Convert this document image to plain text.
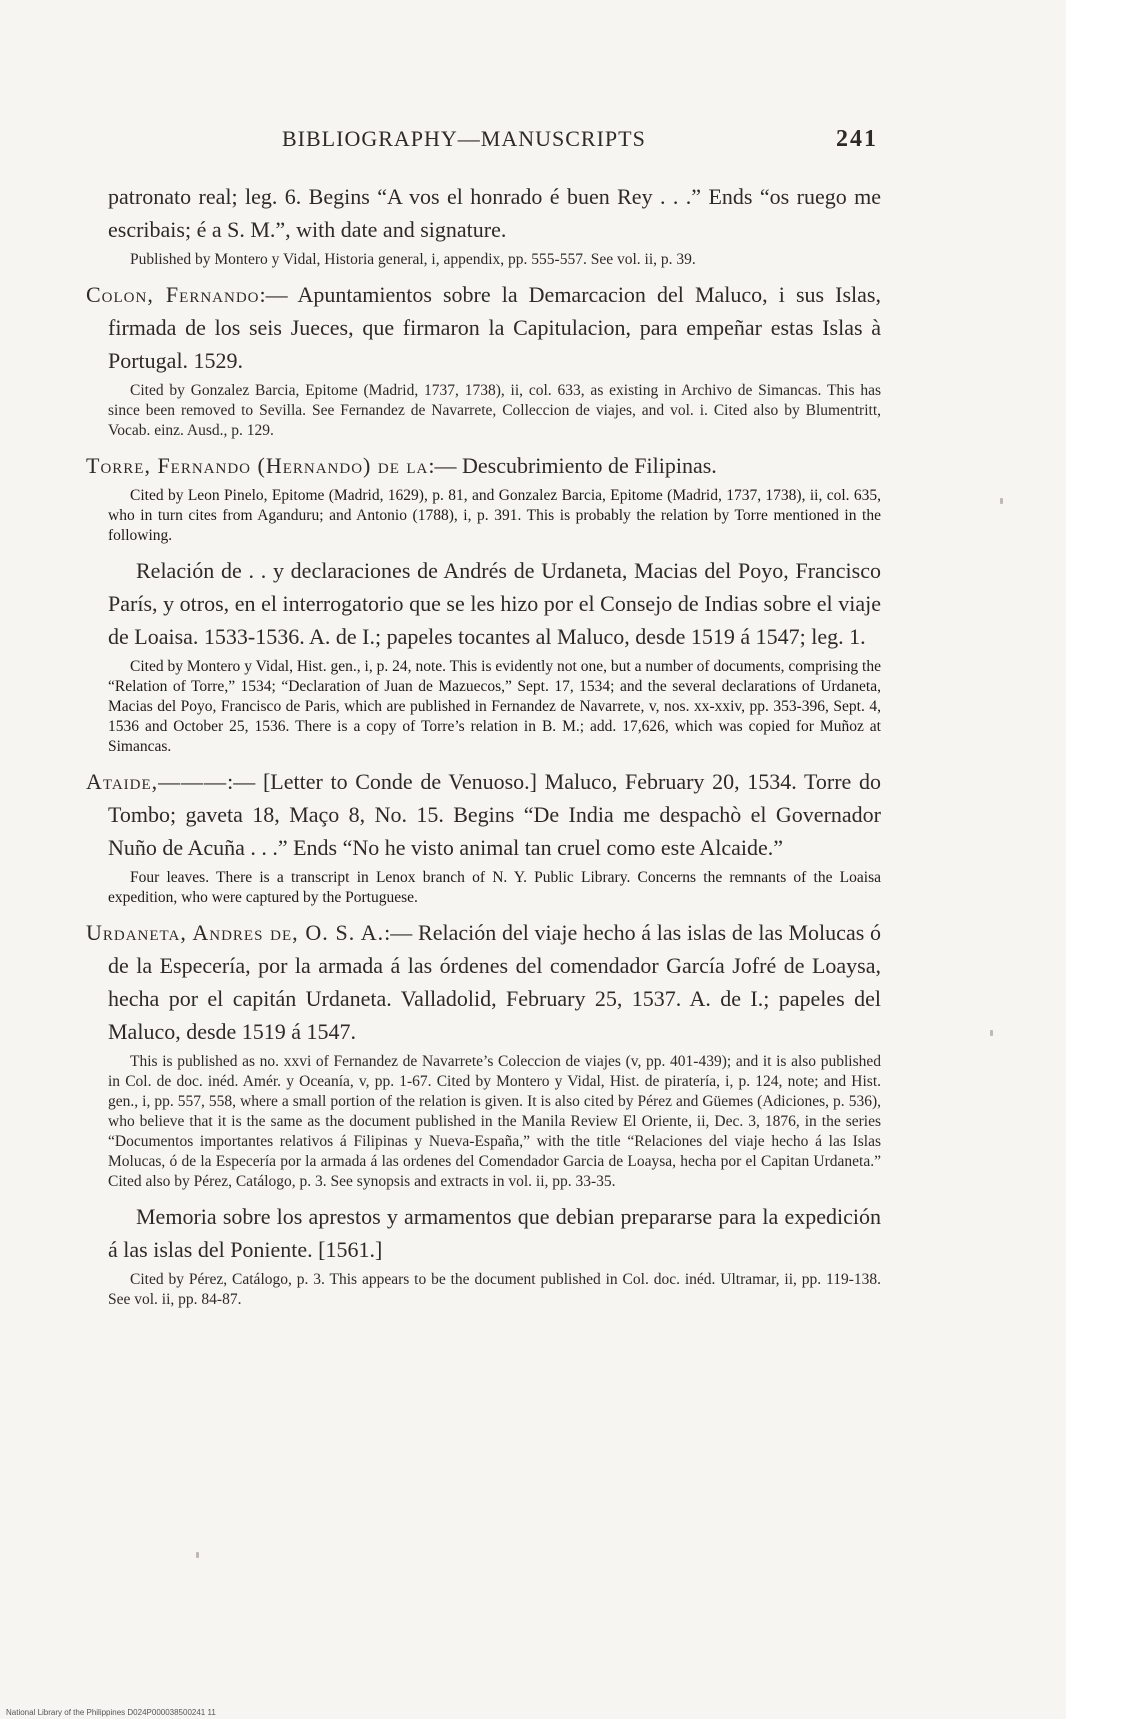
BIBLIOGRAPHY—MANUSCRIPTS	241

patronato real; leg. 6. Begins “A vos el honrado é buen Rey . . .” Ends “os ruego me escribais; é a S. M.”, with date and signature.

Published by Montero y Vidal, Historia general, i, appendix, pp. 555-557. See vol. ii, p. 39.

Colon, Fernando:— Apuntamientos sobre la Demarcacion del Maluco, i sus Islas, firmada de los seis Jueces, que firmaron la Capitulacion, para empeñar estas Islas à Portugal. 1529.

Cited by Gonzalez Barcia, Epitome (Madrid, 1737, 1738), ii, col. 633, as existing in Archivo de Simancas. This has since been removed to Sevilla. See Fernandez de Navarrete, Colleccion de viajes, and vol. i. Cited also by Blumentritt, Vocab. einz. Ausd., p. 129.

Torre, Fernando (Hernando) de la:— Descubrimiento de Filipinas.

Cited by Leon Pinelo, Epitome (Madrid, 1629), p. 81, and Gonzalez Barcia, Epitome (Madrid, 1737, 1738), ii, col. 635, who in turn cites from Aganduru; and Antonio (1788), i, p. 391. This is probably the relation by Torre mentioned in the following.

Relación de . . y declaraciones de Andrés de Urdaneta, Macias del Poyo, Francisco París, y otros, en el interrogatorio que se les hizo por el Consejo de Indias sobre el viaje de Loaisa. 1533-1536. A. de I.; papeles tocantes al Maluco, desde 1519 á 1547; leg. 1.

Cited by Montero y Vidal, Hist. gen., i, p. 24, note. This is evidently not one, but a number of documents, comprising the “Relation of Torre,” 1534; “Declaration of Juan de Mazuecos,” Sept. 17, 1534; and the several declarations of Urdaneta, Macias del Poyo, Francisco de Paris, which are published in Fernandez de Navarrete, v, nos. xx-xxiv, pp. 353-396, Sept. 4, 1536 and October 25, 1536. There is a copy of Torre’s relation in B. M.; add. 17,626, which was copied for Muñoz at Simancas.

Ataide,———:— [Letter to Conde de Venuoso.] Maluco, February 20, 1534. Torre do Tombo; gaveta 18, Maço 8, No. 15. Begins “De India me despachò el Governador Nuño de Acuña . . .” Ends “No he visto animal tan cruel como este Alcaide.”

Four leaves. There is a transcript in Lenox branch of N. Y. Public Library. Concerns the remnants of the Loaisa expedition, who were captured by the Portuguese.

Urdaneta, Andres de, O. S. A.:— Relación del viaje hecho á las islas de las Molucas ó de la Especería, por la armada á las órdenes del comendador García Jofré de Loaysa, hecha por el capitán Urdaneta. Valladolid, February 25, 1537. A. de I.; papeles del Maluco, desde 1519 á 1547.

This is published as no. xxvi of Fernandez de Navarrete’s Coleccion de viajes (v, pp. 401-439); and it is also published in Col. de doc. inéd. Amér. y Oceanía, v, pp. 1-67. Cited by Montero y Vidal, Hist. de piratería, i, p. 124, note; and Hist. gen., i, pp. 557, 558, where a small portion of the relation is given. It is also cited by Pérez and Güemes (Adiciones, p. 536), who believe that it is the same as the document published in the Manila Review El Oriente, ii, Dec. 3, 1876, in the series “Documentos importantes relativos á Filipinas y Nueva-España,” with the title “Relaciones del viaje hecho á las Islas Molucas, ó de la Especería por la armada á las ordenes del Comendador Garcia de Loaysa, hecha por el Capitan Urdaneta.” Cited also by Pérez, Catálogo, p. 3. See synopsis and extracts in vol. ii, pp. 33-35.

Memoria sobre los aprestos y armamentos que debian prepararse para la expedición á las islas del Poniente. [1561.]

Cited by Pérez, Catálogo, p. 3. This appears to be the document published in Col. doc. inéd. Ultramar, ii, pp. 119-138. See vol. ii, pp. 84-87.

National Library of the Philippines D024P000038500241 11
